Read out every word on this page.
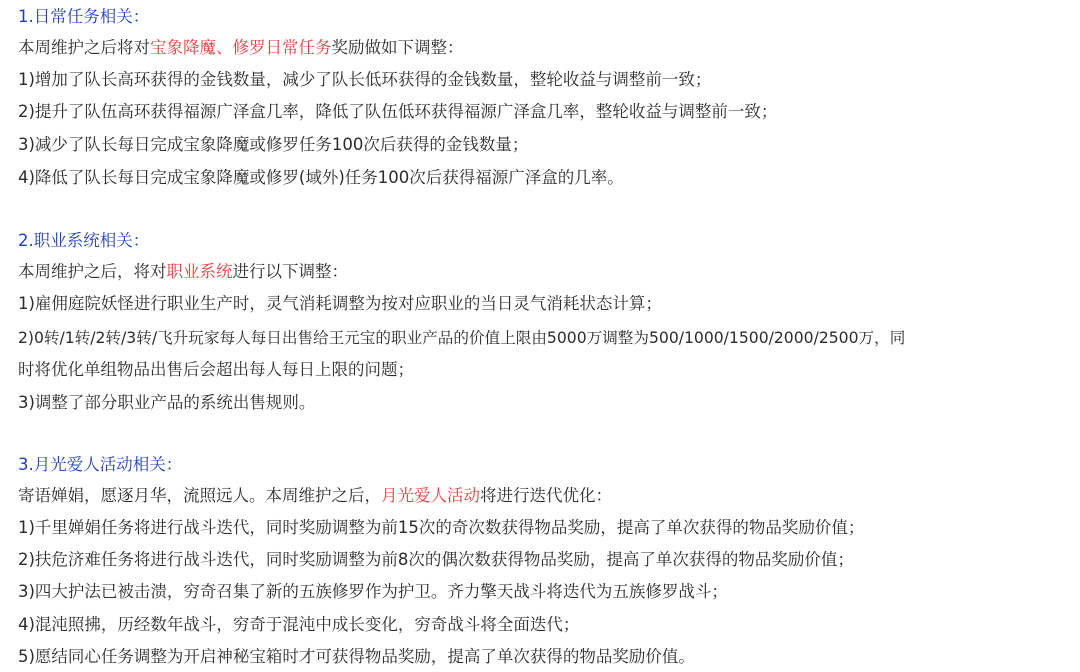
1.日常任务相关：
本周维护之后将对宝象降魔、修罗日常任务奖励做如下调整：
1)增加了队长高环获得的金钱数量，减少了队长低环获得的金钱数量，整轮收益与调整前一致；
2)提升了队伍高环获得福源广泽盒几率，降低了队伍低环获得福源广泽盒几率，整轮收益与调整前一致；
3)减少了队长每日完成宝象降魔或修罗任务100次后获得的金钱数量；
4)降低了队长每日完成宝象降魔或修罗(域外)任务100次后获得福源广泽盒的几率。
2.职业系统相关：
本周维护之后，将对职业系统进行以下调整：
1)雇佣庭院妖怪进行职业生产时，灵气消耗调整为按对应职业的当日灵气消耗状态计算；
2)0转/1转/2转/3转/飞升玩家每人每日出售给王元宝的职业产品的价值上限由5000万调整为500/1000/1500/2000/2500万，同
时将优化单组物品出售后会超出每人每日上限的问题；
3)调整了部分职业产品的系统出售规则。
3.月光爱人活动相关：
寄语婵娟，愿逐月华，流照远人。本周维护之后，月光爱人活动将进行迭代优化：
1)千里婵娟任务将进行战斗迭代，同时奖励调整为前15次的奇次数获得物品奖励，提高了单次获得的物品奖励价值；
2)扶危济难任务将进行战斗迭代，同时奖励调整为前8次的偶次数获得物品奖励，提高了单次获得的物品奖励价值；
3)四大护法已被击溃，穷奇召集了新的五族修罗作为护卫。齐力擎天战斗将迭代为五族修罗战斗；
4)混沌照拂，历经数年战斗，穷奇于混沌中成长变化，穷奇战斗将全面迭代；
5)愿结同心任务调整为开启神秘宝箱时才可获得物品奖励，提高了单次获得的物品奖励价值。
